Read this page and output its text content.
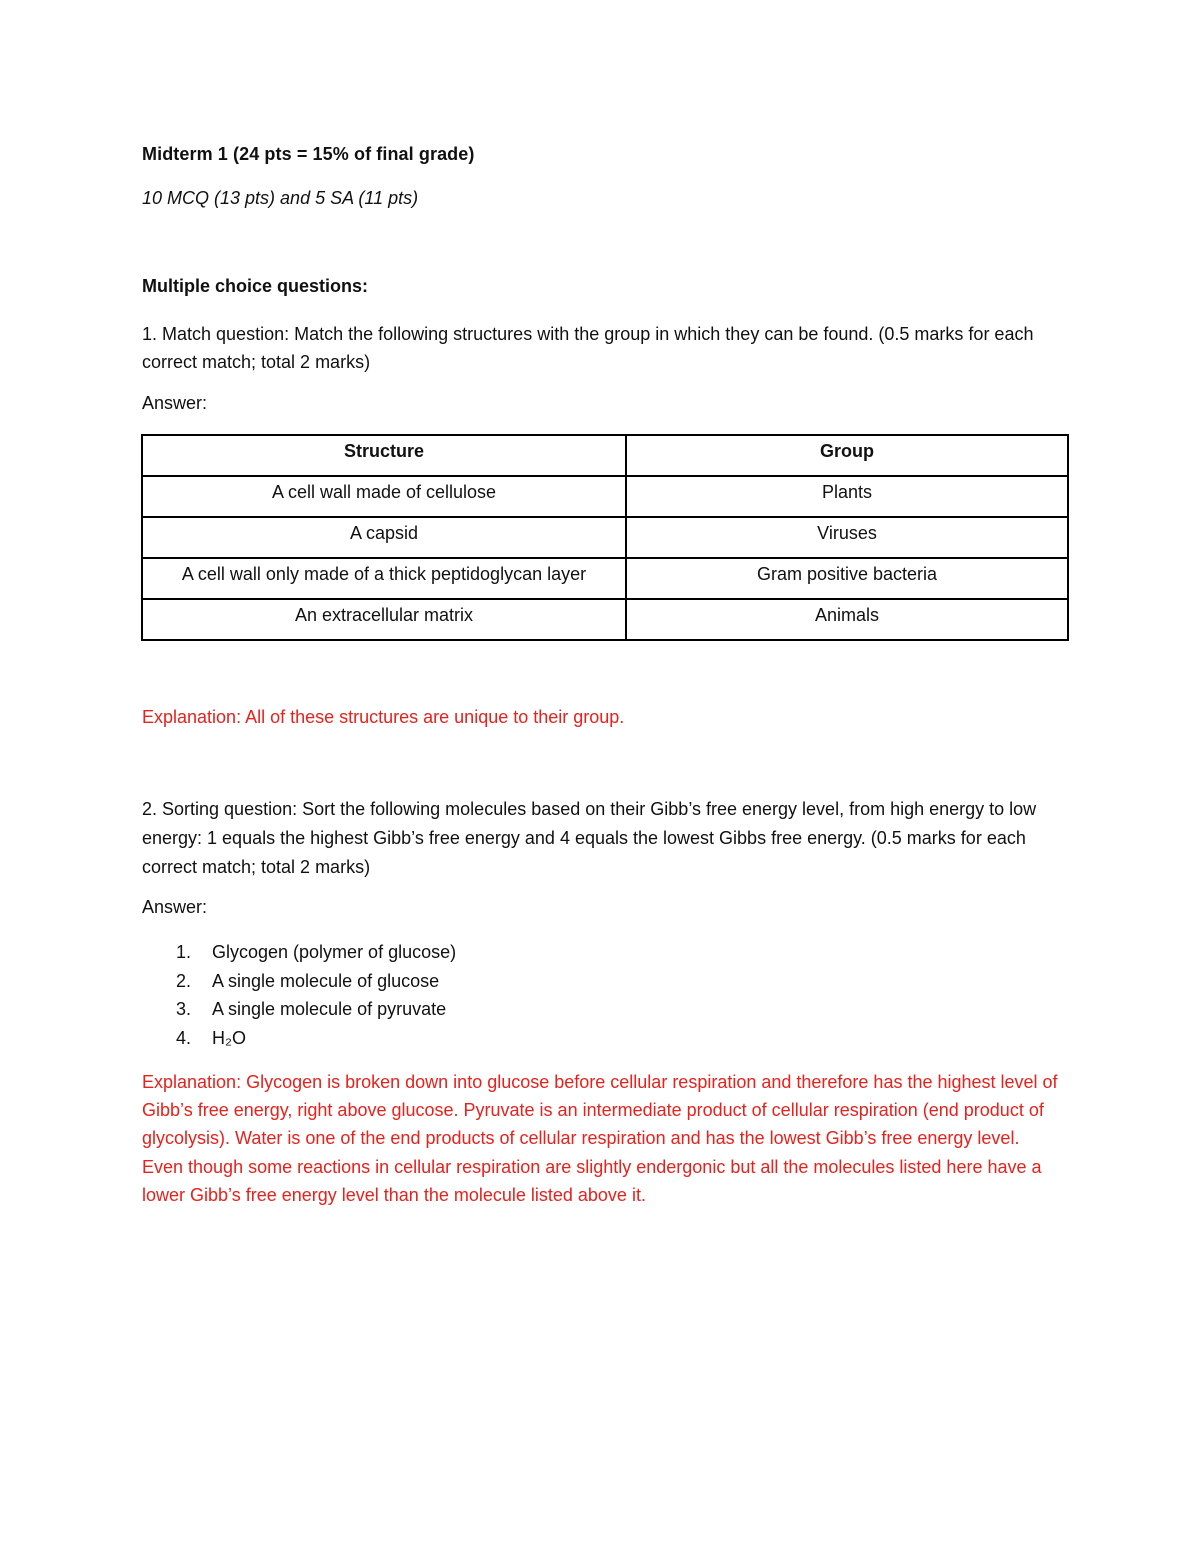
Midterm 1 (24 pts = 15% of final grade)
10 MCQ (13 pts) and 5 SA (11 pts)
Multiple choice questions:
1. Match question: Match the following structures with the group in which they can be found. (0.5 marks for each correct match; total 2 marks)
Answer:
Structure	Group
A cell wall made of cellulose	Plants
A capsid	Viruses
A cell wall only made of a thick peptidoglycan layer	Gram positive bacteria
An extracellular matrix	Animals
Explanation: All of these structures are unique to their group.
2. Sorting question: Sort the following molecules based on their Gibb’s free energy level, from high energy to low energy: 1 equals the highest Gibb’s free energy and 4 equals the lowest Gibbs free energy. (0.5 marks for each correct match; total 2 marks)
Answer:
1. Glycogen (polymer of glucose)
2. A single molecule of glucose
3. A single molecule of pyruvate
4. H₂O
Explanation: Glycogen is broken down into glucose before cellular respiration and therefore has the highest level of Gibb’s free energy, right above glucose. Pyruvate is an intermediate product of cellular respiration (end product of glycolysis). Water is one of the end products of cellular respiration and has the lowest Gibb’s free energy level. Even though some reactions in cellular respiration are slightly endergonic but all the molecules listed here have a lower Gibb’s free energy level than the molecule listed above it.
